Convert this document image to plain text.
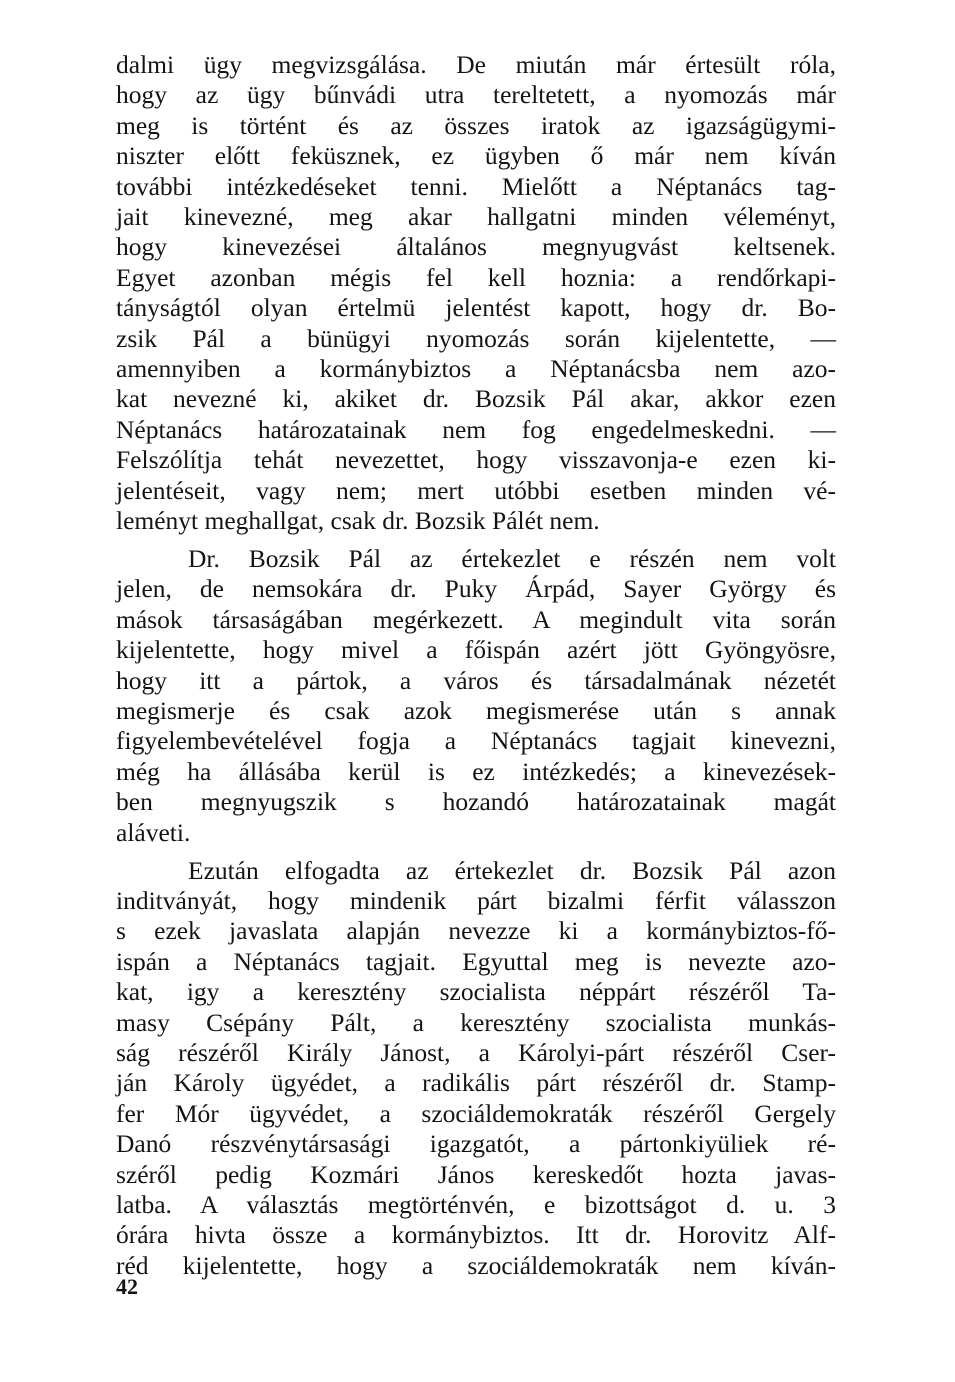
dalmi ügy megvizsgálása. De miután már értesült róla,
hogy az ügy bűnvádi utra tereltetett, a nyomozás már
meg is történt és az összes iratok az igazságügymi-
niszter előtt feküsznek, ez ügyben ő már nem kíván
további intézkedéseket tenni. Mielőtt a Néptanács tag-
jait kinevezné, meg akar hallgatni minden véleményt,
hogy kinevezései általános megnyugvást keltsenek.
Egyet azonban mégis fel kell hoznia: a rendőrkapi-
tányságtól olyan értelmü jelentést kapott, hogy dr. Bo-
zsik Pál a bünügyi nyomozás során kijelentette, —
amennyiben a kormánybiztos a Néptanácsba nem azo-
kat nevezné ki, akiket dr. Bozsik Pál akar, akkor ezen
Néptanács határozatainak nem fog engedelmeskedni. —
Felszólítja tehát nevezettet, hogy visszavonja-e ezen ki-
jelentéseit, vagy nem; mert utóbbi esetben minden vé-
leményt meghallgat, csak dr. Bozsik Pálét nem.

Dr. Bozsik Pál az értekezlet e részén nem volt
jelen, de nemsokára dr. Puky Árpád, Sayer György és
mások társaságában megérkezett. A megindult vita során
kijelentette, hogy mivel a főispán azért jött Gyöngyösre,
hogy itt a pártok, a város és társadalmának nézetét
megismerje és csak azok megismerése után s annak
figyelembevételével fogja a Néptanács tagjait kinevezni,
még ha állásába kerül is ez intézkedés; a kinevezések-
ben megnyugszik s hozandó határozatainak magát
aláveti.

Ezután elfogadta az értekezlet dr. Bozsik Pál azon
inditványát, hogy mindenik párt bizalmi férfit válasszon
s ezek javaslata alapján nevezze ki a kormánybiztos-fő-
ispán a Néptanács tagjait. Egyuttal meg is nevezte azo-
kat, igy a keresztény szocialista néppárt részéről Ta-
masy Csépány Pált, a keresztény szocialista munkás-
ság részéről Király Jánost, a Károlyi-párt részéről Cser-
ján Károly ügyédet, a radikális párt részéről dr. Stamp-
fer Mór ügyvédet, a szociáldemokraták részéről Gergely
Danó részvénytársasági igazgatót, a pártonkiyüliek ré-
széről pedig Kozmári János kereskedőt hozta javas-
latba. A választás megtörténvén, e bizottságot d. u. 3
órára hivta össze a kormánybiztos. Itt dr. Horovitz Alf-
réd kijelentette, hogy a szociáldemokraták nem kíván-

42
